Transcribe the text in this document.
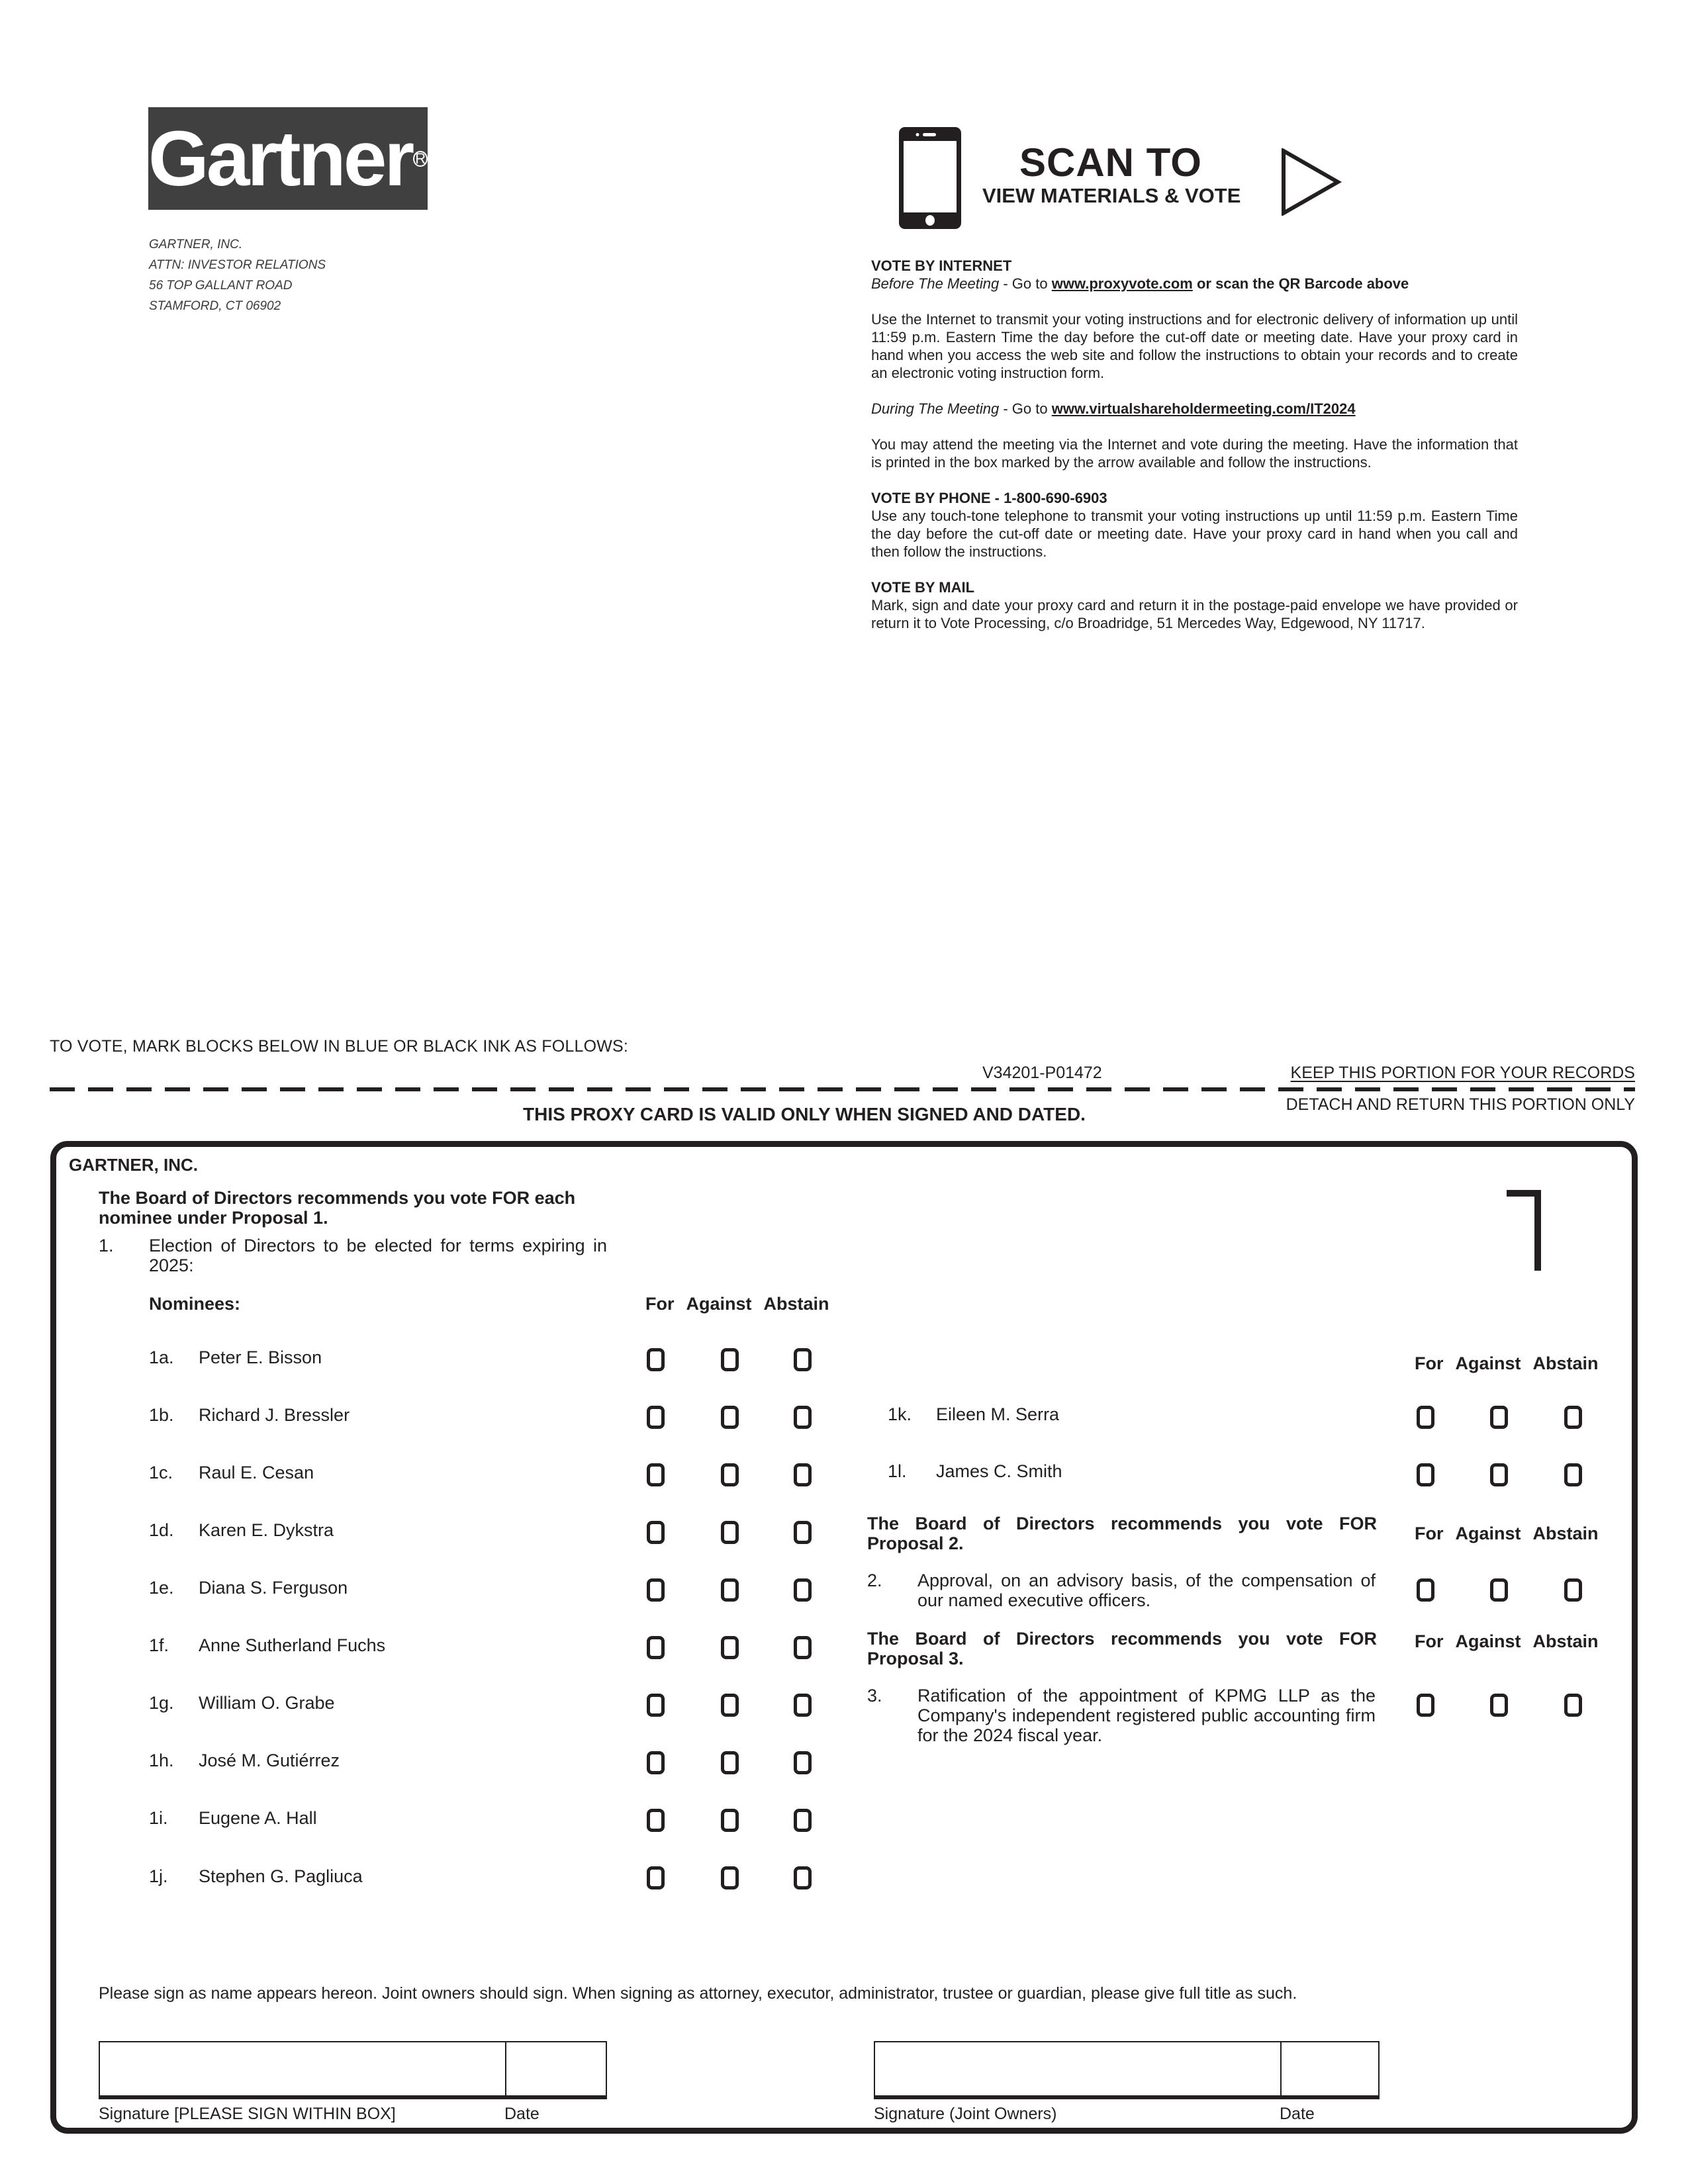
Gartner R
GARTNER, INC.
ATTN: INVESTOR RELATIONS
56 TOP GALLANT ROAD
STAMFORD, CT 06902
SCAN TO
VIEW MATERIALS & VOTE
VOTE BY INTERNET
Before The Meeting - Go to www.proxyvote.com or scan the QR Barcode above
Use the Internet to transmit your voting instructions and for electronic delivery of information up until 11:59 p.m. Eastern Time the day before the cut-off date or meeting date. Have your proxy card in hand when you access the web site and follow the instructions to obtain your records and to create an electronic voting instruction form.
During The Meeting - Go to www.virtualshareholdermeeting.com/IT2024
You may attend the meeting via the Internet and vote during the meeting. Have the information that is printed in the box marked by the arrow available and follow the instructions.
VOTE BY PHONE - 1-800-690-6903
Use any touch-tone telephone to transmit your voting instructions up until 11:59 p.m. Eastern Time the day before the cut-off date or meeting date. Have your proxy card in hand when you call and then follow the instructions.
VOTE BY MAIL
Mark, sign and date your proxy card and return it in the postage-paid envelope we have provided or return it to Vote Processing, c/o Broadridge, 51 Mercedes Way, Edgewood, NY 11717.
TO VOTE, MARK BLOCKS BELOW IN BLUE OR BLACK INK AS FOLLOWS:
V34201-P01472	KEEP THIS PORTION FOR YOUR RECORDS
DETACH AND RETURN THIS PORTION ONLY
THIS PROXY CARD IS VALID ONLY WHEN SIGNED AND DATED.
GARTNER, INC.
The Board of Directors recommends you vote FOR each nominee under Proposal 1.
1. Election of Directors to be elected for terms expiring in 2025:
Nominees:	For Against Abstain
1a. Peter E. Bisson
1b. Richard J. Bressler
1c. Raul E. Cesan
1d. Karen E. Dykstra
1e. Diana S. Ferguson
1f. Anne Sutherland Fuchs
1g. William O. Grabe
1h. José M. Gutiérrez
1i. Eugene A. Hall
1j. Stephen G. Pagliuca
For Against Abstain
1k. Eileen M. Serra
1l. James C. Smith
The Board of Directors recommends you vote FOR Proposal 2.	For Against Abstain
2. Approval, on an advisory basis, of the compensation of our named executive officers.
The Board of Directors recommends you vote FOR Proposal 3.
For Against Abstain
3. Ratification of the appointment of KPMG LLP as the Company's independent registered public accounting firm for the 2024 fiscal year.
Please sign as name appears hereon. Joint owners should sign. When signing as attorney, executor, administrator, trustee or guardian, please give full title as such.
Signature [PLEASE SIGN WITHIN BOX]	Date	Signature (Joint Owners)	Date
